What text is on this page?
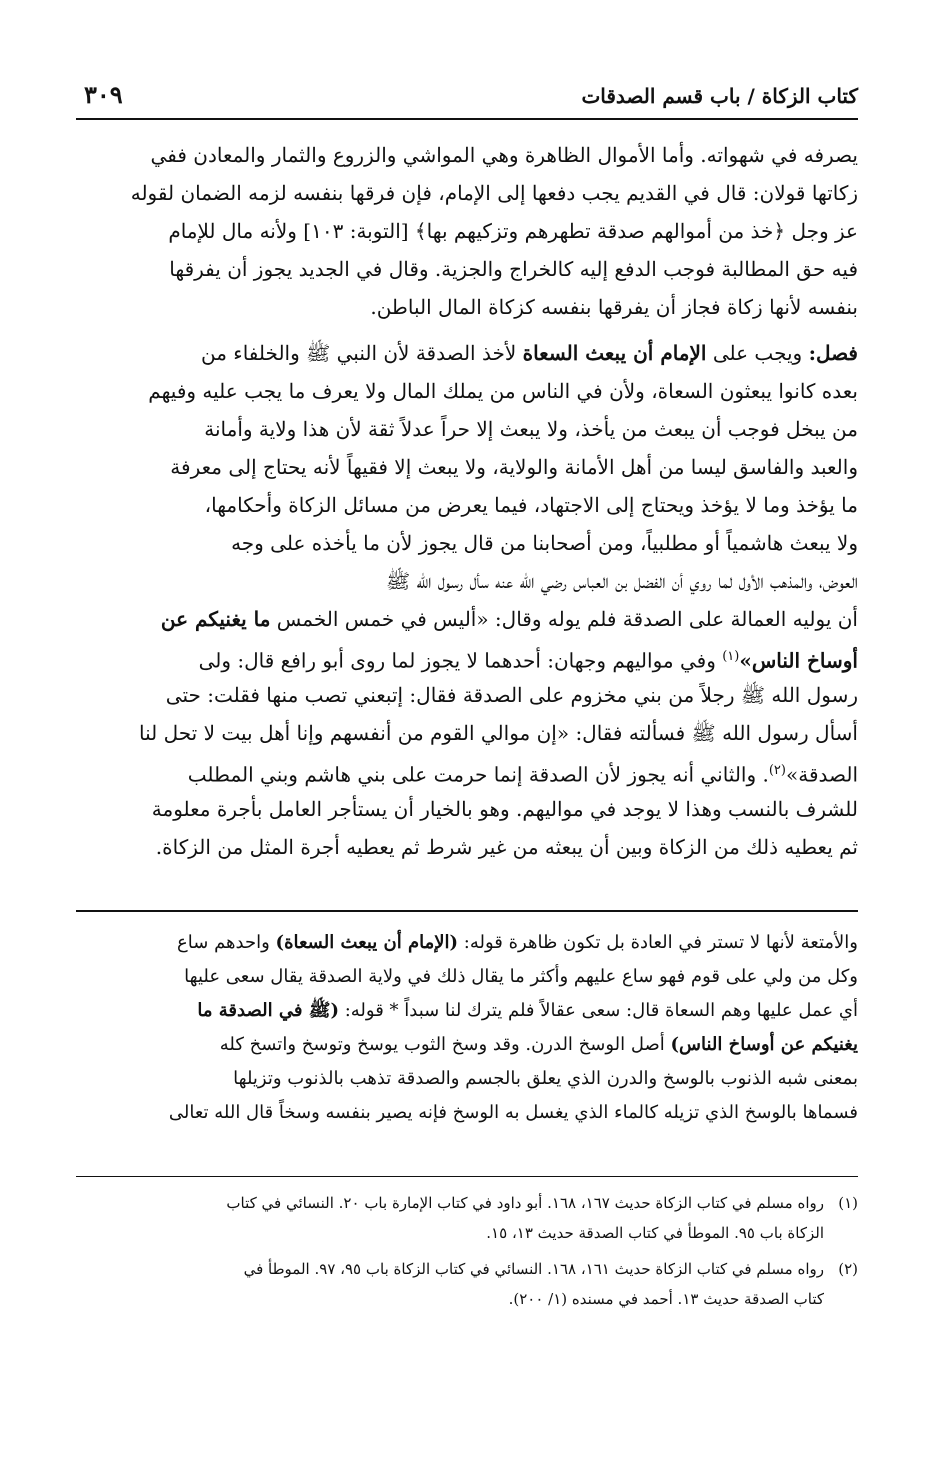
كتاب الزكاة / باب قسم الصدقات
٣٠٩
يصرفه في شهواته. وأما الأموال الظاهرة وهي المواشي والزروع والثمار والمعادن ففي
زكاتها قولان: قال في القديم يجب دفعها إلى الإمام، فإن فرقها بنفسه لزمه الضمان لقوله
عز وجل ﴿خذ من أموالهم صدقة تطهرهم وتزكيهم بها﴾ [التوبة: ١٠٣] ولأنه مال للإمام
فيه حق المطالبة فوجب الدفع إليه كالخراج والجزية. وقال في الجديد يجوز أن يفرقها
بنفسه لأنها زكاة فجاز أن يفرقها بنفسه كزكاة المال الباطن.
فصل: ويجب على الإمام أن يبعث السعاة لأخذ الصدقة لأن النبي ﷺ والخلفاء من
بعده كانوا يبعثون السعاة، ولأن في الناس من يملك المال ولا يعرف ما يجب عليه وفيهم
من يبخل فوجب أن يبعث من يأخذ، ولا يبعث إلا حراً عدلاً ثقة لأن هذا ولاية وأمانة
والعبد والفاسق ليسا من أهل الأمانة والولاية، ولا يبعث إلا فقيهاً لأنه يحتاج إلى معرفة
ما يؤخذ وما لا يؤخذ ويحتاج إلى الاجتهاد، فيما يعرض من مسائل الزكاة وأحكامها،
ولا يبعث هاشمياً أو مطلبياً، ومن أصحابنا من قال يجوز لأن ما يأخذه على وجه
العوض، والمذهب الأول لما روي أن الفضل بن العباس رضي الله عنه سأل رسول الله ﷺ
أن يوليه العمالة على الصدقة فلم يوله وقال: «أليس في خمس الخمس ما يغنيكم عن
أوساخ الناس»$^{(١)}$ وفي مواليهم وجهان: أحدهما لا يجوز لما روى أبو رافع قال: ولى
رسول الله ﷺ رجلاً من بني مخزوم على الصدقة فقال: إتبعني تصب منها فقلت: حتى
أسأل رسول الله ﷺ فسألته فقال: «إن موالي القوم من أنفسهم وإنا أهل بيت لا تحل لنا
الصدقة»$^{(٢)}$. والثاني أنه يجوز لأن الصدقة إنما حرمت على بني هاشم وبني المطلب
للشرف بالنسب وهذا لا يوجد في مواليهم. وهو بالخيار أن يستأجر العامل بأجرة معلومة
ثم يعطيه ذلك من الزكاة وبين أن يبعثه من غير شرط ثم يعطيه أجرة المثل من الزكاة.
والأمتعة لأنها لا تستر في العادة بل تكون ظاهرة قوله: (الإمام أن يبعث السعاة) واحدهم ساع
وكل من ولي على قوم فهو ساع عليهم وأكثر ما يقال ذلك في ولاية الصدقة يقال سعى عليها
أي عمل عليها وهم السعاة قال: سعى عقالاً فلم يترك لنا سبداً * قوله: (ﷺ في الصدقة ما
يغنيكم عن أوساخ الناس) أصل الوسخ الدرن. وقد وسخ الثوب يوسخ وتوسخ واتسخ كله
بمعنى شبه الذنوب بالوسخ والدرن الذي يعلق بالجسم والصدقة تذهب بالذنوب وتزيلها
فسماها بالوسخ الذي تزيله كالماء الذي يغسل به الوسخ فإنه يصير بنفسه وسخاً قال الله تعالى
(١)
رواه مسلم في كتاب الزكاة حديث ١٦٧، ١٦٨. أبو داود في كتاب الإمارة باب ٢٠. النسائي في كتاب
الزكاة باب ٩٥. الموطأ في كتاب الصدقة حديث ١٣، ١٥.
(٢)
رواه مسلم في كتاب الزكاة حديث ١٦١، ١٦٨. النسائي في كتاب الزكاة باب ٩٥، ٩٧. الموطأ في
كتاب الصدقة حديث ١٣. أحمد في مسنده (١/ ٢٠٠).
